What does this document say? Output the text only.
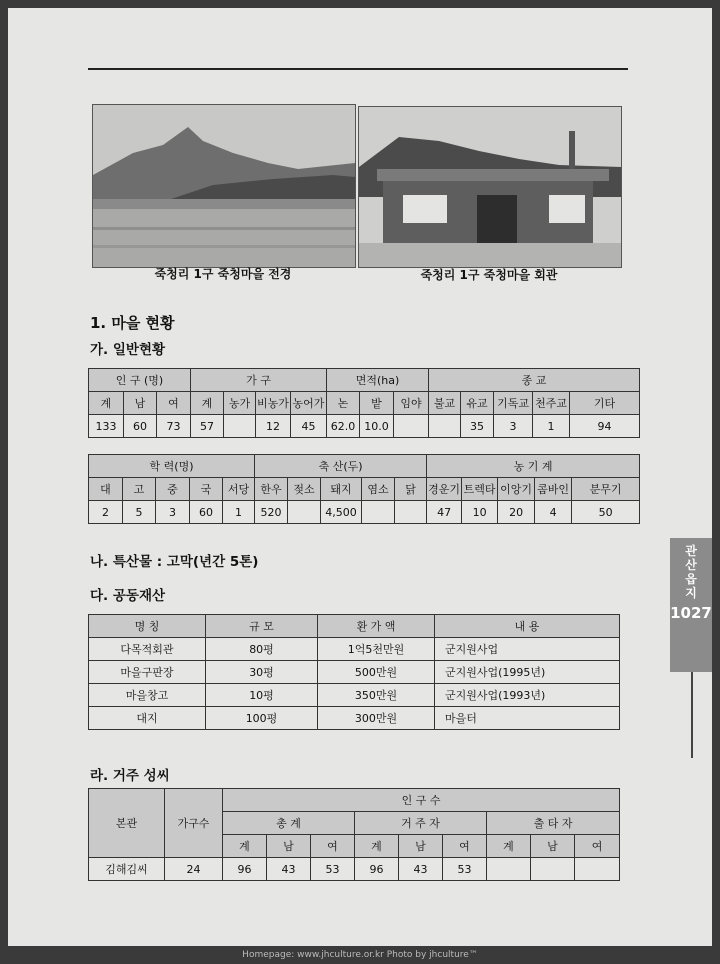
죽청리 1구 죽청마을 전경	죽청리 1구 죽청마을 회관
1. 마을 현황
가. 일반현황
인 구 (명)			가 구				면적(ha)			종 교				
계	남	여	계	농가	비농가	농어가	논	밭	임야	불교	유교	기독교	천주교	기타
133	60	73	57		12	45	62.0	10.0			35	3	1	94
학 력(명)					축 산(두)					농 기 계				
대	고	중	국	서당	한우	젖소	돼지	염소	닭	경운기	트렉타	이앙기	콤바인	분무기
2	5	3	60	1	520		4,500			47	10	20	4	50
나. 특산물 : 고막(년간 5톤)
다. 공동재산
명 칭	규 모	환 가 액	내 용
다목적회관	80평	1억5천만원	군지원사업
마을구판장	30평	500만원	군지원사업(1995년)
마을창고	10평	350만원	군지원사업(1993년)
대지	100평	300만원	마을터
라. 거주 성씨
본관	가구수	인 구 수								
		총 계			거 주 자			출 타 자		
		계	남	여	계	남	여	계	남	여
김해김씨	24	96	43	53	96	43	53			
관
산
읍
지
1027
Homepage: www.jhculture.or.kr Photo by jhculture™
